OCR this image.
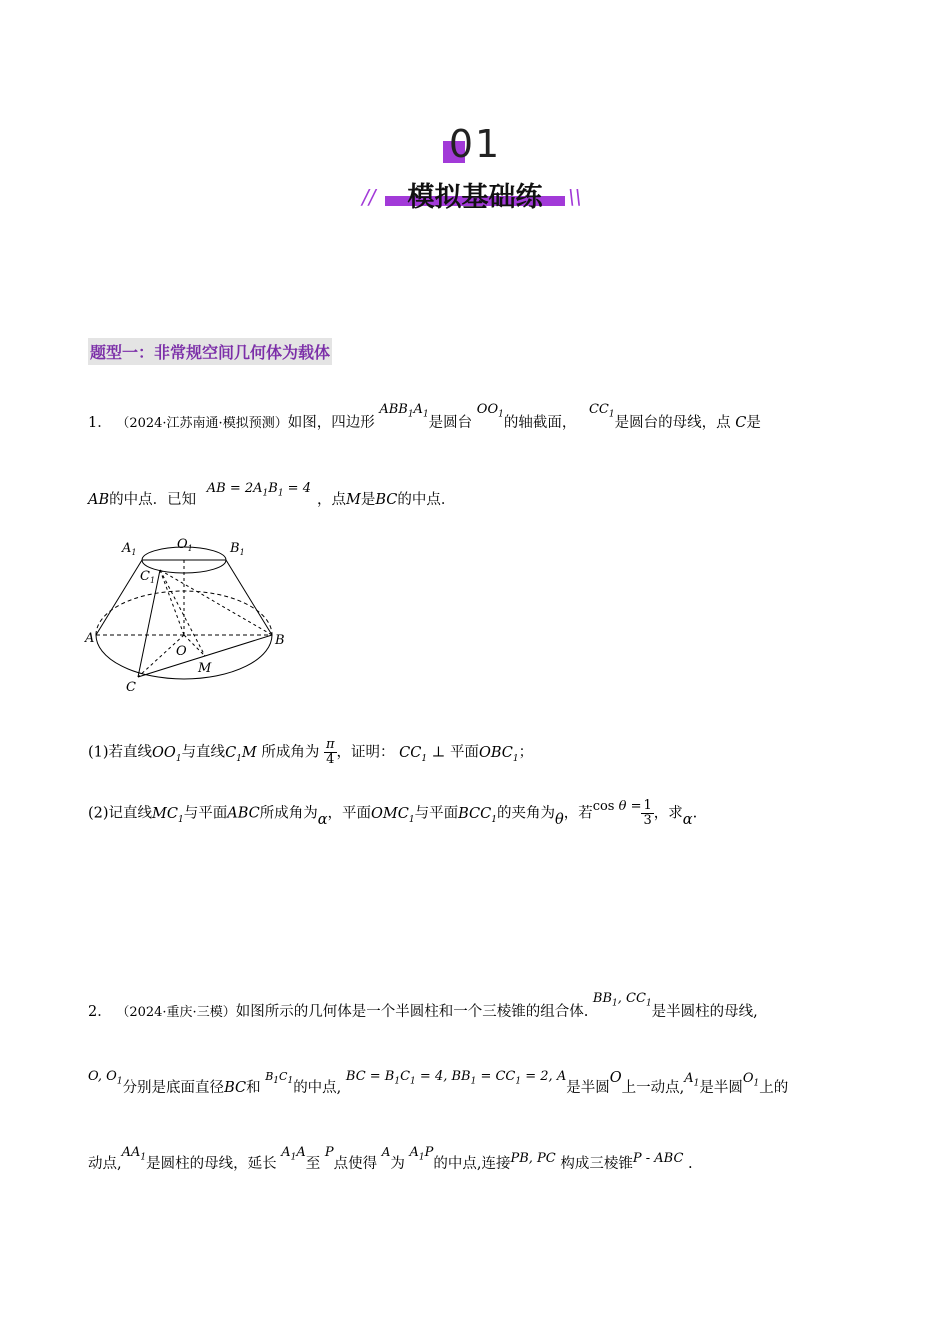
01
//	\\
模拟基础练
题型一：非常规空间几何体为载体
1． （2024·江苏南通·模拟预测）如图，四边形 $ABB_1A_1$是圆台 $OO_1$的轴截面， $CC_1$是圆台的母线，点 C是
AB的中点．已知 AB = $2A_1B_1 = 4$，点M是BC的中点．
$A_1$
$O_1$	$B_1$
$C_1$
A
O
B
M
C
(1)若直线$OO_1$与直线$C_1M$ 所成角为 $\frac{\pi}{4}$，证明： $CC_1$ ⊥ 平面$OBC_1$；
(2)记直线$MC_1$与平面ABC所成角为α，平面$OMC_1$与平面$BCC_1$的夹角为θ，若$\cos \theta = \frac{1}{3}$，求α.
2． （2024·重庆·三模）如图所示的几何体是一个半圆柱和一个三棱锥的组合体. $BB_1$, $CC_1$是半圆柱的母线,
O, $O_1$分别是底面直径BC和 $^{B_1C_1}$的中点, BC = $B_1C_1 = 4$, $BB_1 = CC_1 = 2$, A是半圆O上一动点$,A_1$是半圆$O_1$上的
动点$,AA_1$是圆柱的母线，延长 $A_1A$至 P点使得 $^A$为 $A_1P$的中点,连接PB, PC 构成三棱锥P - ABC .
